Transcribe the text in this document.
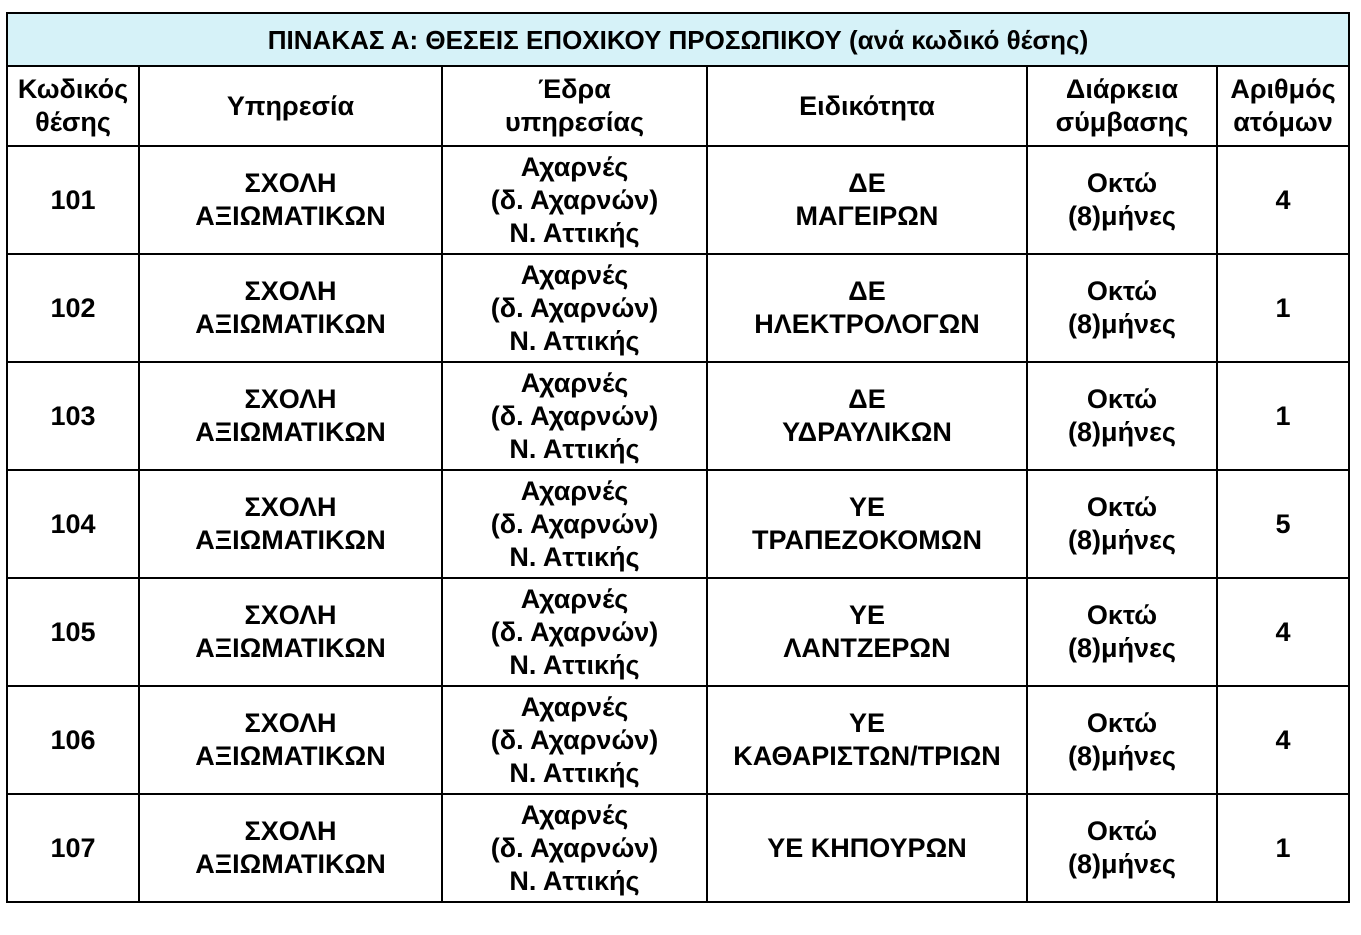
ΠΙΝΑΚΑΣ Α: ΘΕΣΕΙΣ ΕΠΟΧΙΚΟΥ ΠΡΟΣΩΠΙΚΟΥ (ανά κωδικό θέσης)					

Κωδικός
θέσης	Υπηρεσία	Έδρα
υπηρεσίας	Ειδικότητα	Διάρκεια
σύμβασης	Αριθμός
ατόμων

101	ΣΧΟΛΗ
ΑΞΙΩΜΑΤΙΚΩΝ	Αχαρνές
(δ. Αχαρνών)
Ν. Αττικής	ΔΕ
ΜΑΓΕΙΡΩΝ	Οκτώ
(8)μήνες	4

102	ΣΧΟΛΗ
ΑΞΙΩΜΑΤΙΚΩΝ	Αχαρνές
(δ. Αχαρνών)
Ν. Αττικής	ΔΕ
ΗΛΕΚΤΡΟΛΟΓΩΝ	Οκτώ
(8)μήνες	1

103	ΣΧΟΛΗ
ΑΞΙΩΜΑΤΙΚΩΝ	Αχαρνές
(δ. Αχαρνών)
Ν. Αττικής	ΔΕ
ΥΔΡΑΥΛΙΚΩΝ	Οκτώ
(8)μήνες	1

104	ΣΧΟΛΗ
ΑΞΙΩΜΑΤΙΚΩΝ	Αχαρνές
(δ. Αχαρνών)
Ν. Αττικής	ΥΕ
ΤΡΑΠΕΖΟΚΟΜΩΝ	Οκτώ
(8)μήνες	5

105	ΣΧΟΛΗ
ΑΞΙΩΜΑΤΙΚΩΝ	Αχαρνές
(δ. Αχαρνών)
Ν. Αττικής	ΥΕ
ΛΑΝΤΖΕΡΩΝ	Οκτώ
(8)μήνες	4

106	ΣΧΟΛΗ
ΑΞΙΩΜΑΤΙΚΩΝ	Αχαρνές
(δ. Αχαρνών)
Ν. Αττικής	ΥΕ
ΚΑΘΑΡΙΣΤΩΝ/ΤΡΙΩΝ	Οκτώ
(8)μήνες	4

107	ΣΧΟΛΗ
ΑΞΙΩΜΑΤΙΚΩΝ	Αχαρνές
(δ. Αχαρνών)
Ν. Αττικής	ΥΕ ΚΗΠΟΥΡΩΝ	Οκτώ
(8)μήνες	1
